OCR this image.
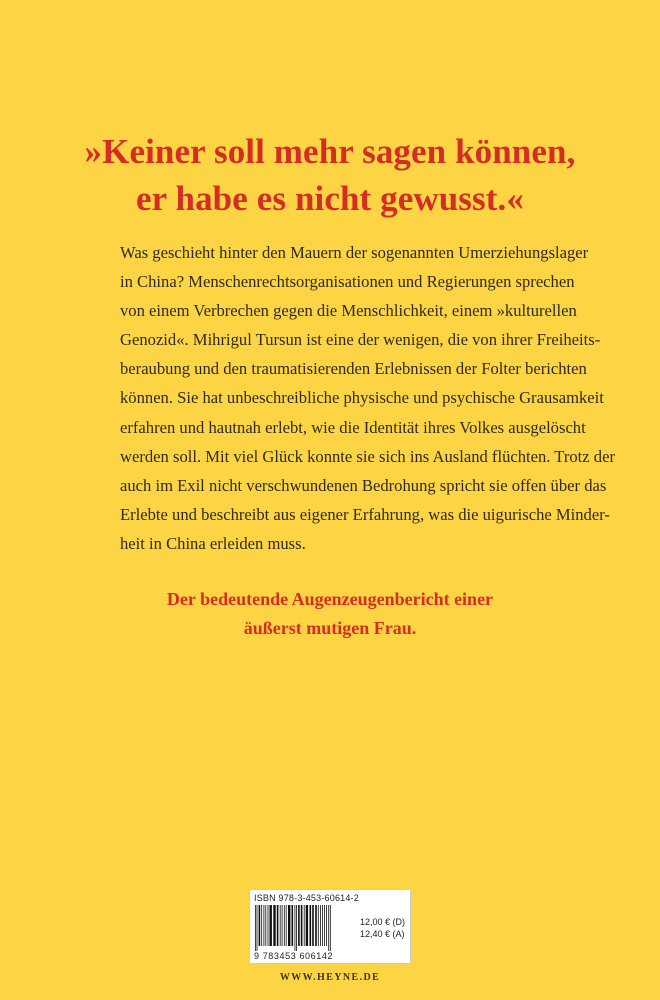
»Keiner soll mehr sagen können,
er habe es nicht gewusst.«
Was geschieht hinter den Mauern der sogenannten Umerziehungslager
in China? Menschenrechtsorganisationen und Regierungen sprechen
von einem Verbrechen gegen die Menschlichkeit, einem »kulturellen
Genozid«. Mihrigul Tursun ist eine der wenigen, die von ihrer Freiheits-
beraubung und den traumatisierenden Erlebnissen der Folter berichten
können. Sie hat unbeschreibliche physische und psychische Grausamkeit
erfahren und hautnah erlebt, wie die Identität ihres Volkes ausgelöscht
werden soll. Mit viel Glück konnte sie sich ins Ausland flüchten. Trotz der
auch im Exil nicht verschwundenen Bedrohung spricht sie offen über das
Erlebte und beschreibt aus eigener Erfahrung, was die uigurische Minder-
heit in China erleiden muss.
Der bedeutende Augenzeugenbericht einer
äußerst mutigen Frau.
ISBN 978-3-453-60614-2
9 783453 606142
12,00 € (D)
12,40 € (A)
WWW.HEYNE.DE
